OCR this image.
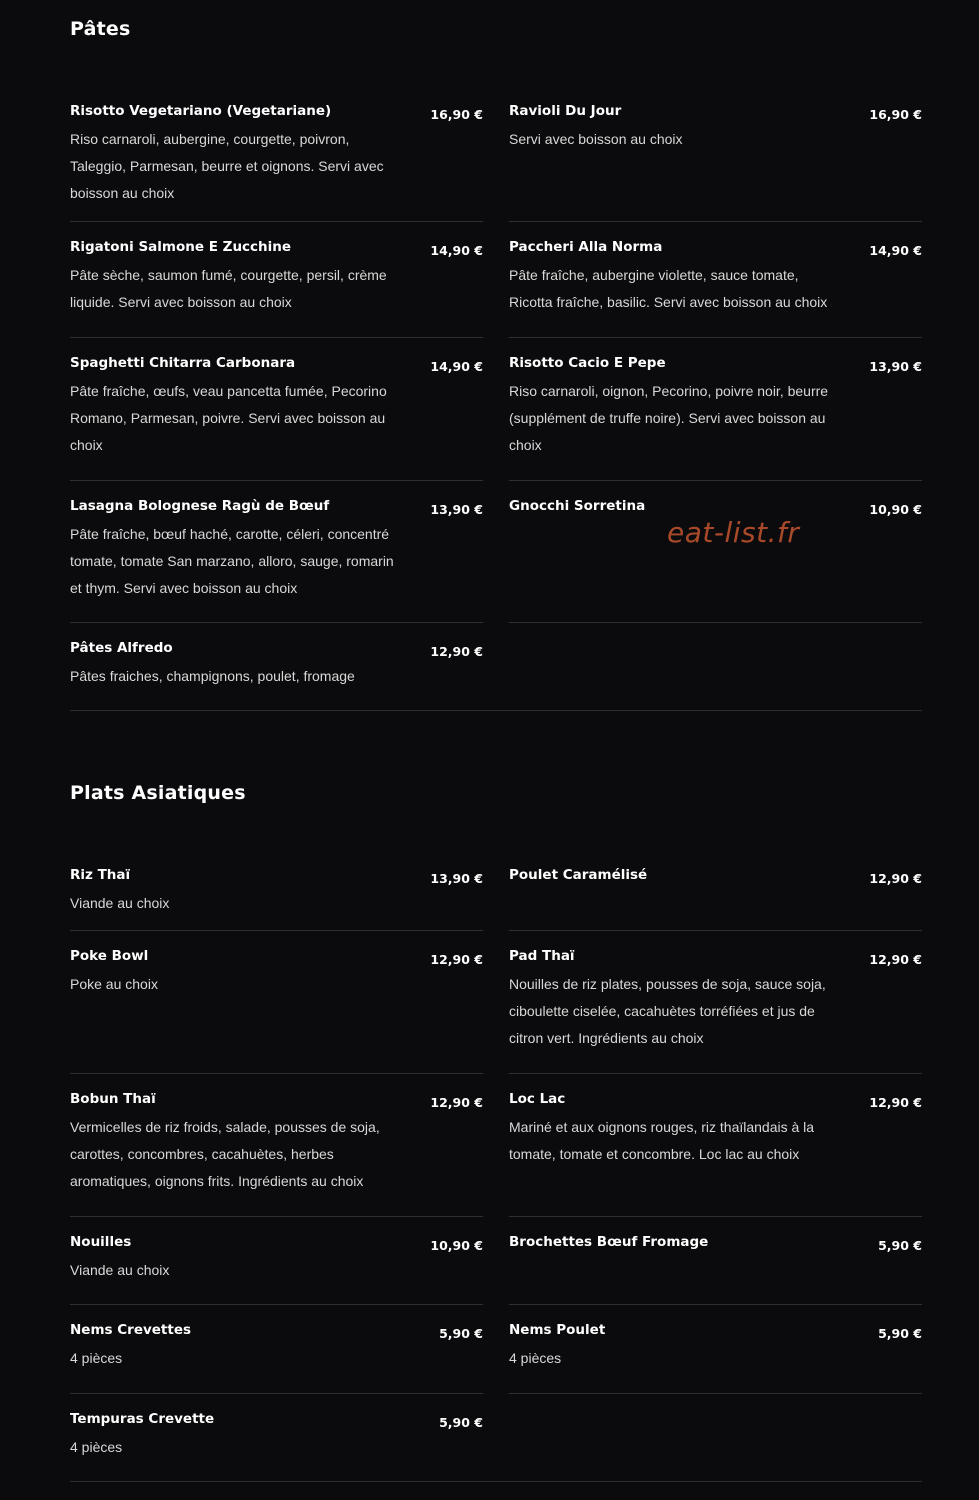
Pâtes
Risotto Vegetariano (Vegetariane)	16,90 €
Riso carnaroli, aubergine, courgette, poivron, Taleggio, Parmesan, beurre et oignons. Servi avec boisson au choix
Ravioli Du Jour	16,90 €
Servi avec boisson au choix
Rigatoni Salmone E Zucchine	14,90 €
Pâte sèche, saumon fumé, courgette, persil, crème liquide. Servi avec boisson au choix
Paccheri Alla Norma	14,90 €
Pâte fraîche, aubergine violette, sauce tomate, Ricotta fraîche, basilic. Servi avec boisson au choix
Spaghetti Chitarra Carbonara	14,90 €
Pâte fraîche, œufs, veau pancetta fumée, Pecorino Romano, Parmesan, poivre. Servi avec boisson au choix
Risotto Cacio E Pepe	13,90 €
Riso carnaroli, oignon, Pecorino, poivre noir, beurre (supplément de truffe noire). Servi avec boisson au choix
Lasagna Bolognese Ragù de Bœuf	13,90 €
Pâte fraîche, bœuf haché, carotte, céleri, concentré tomate, tomate San marzano, alloro, sauge, romarin et thym. Servi avec boisson au choix
Gnocchi Sorretina	10,90 €
Pâtes Alfredo	12,90 €
Pâtes fraiches, champignons, poulet, fromage
Plats Asiatiques
Riz Thaï	13,90 €
Viande au choix
Poulet Caramélisé	12,90 €
Poke Bowl	12,90 €
Poke au choix
Pad Thaï	12,90 €
Nouilles de riz plates, pousses de soja, sauce soja, ciboulette ciselée, cacahuètes torréfiées et jus de citron vert. Ingrédients au choix
Bobun Thaï	12,90 €
Vermicelles de riz froids, salade, pousses de soja, carottes, concombres, cacahuètes, herbes aromatiques, oignons frits. Ingrédients au choix
Loc Lac	12,90 €
Mariné et aux oignons rouges, riz thaïlandais à la tomate, tomate et concombre. Loc lac au choix
Nouilles	10,90 €
Viande au choix
Brochettes Bœuf Fromage	5,90 €
Nems Crevettes	5,90 €
4 pièces
Nems Poulet	5,90 €
4 pièces
Tempuras Crevette	5,90 €
4 pièces
eat-list.fr
